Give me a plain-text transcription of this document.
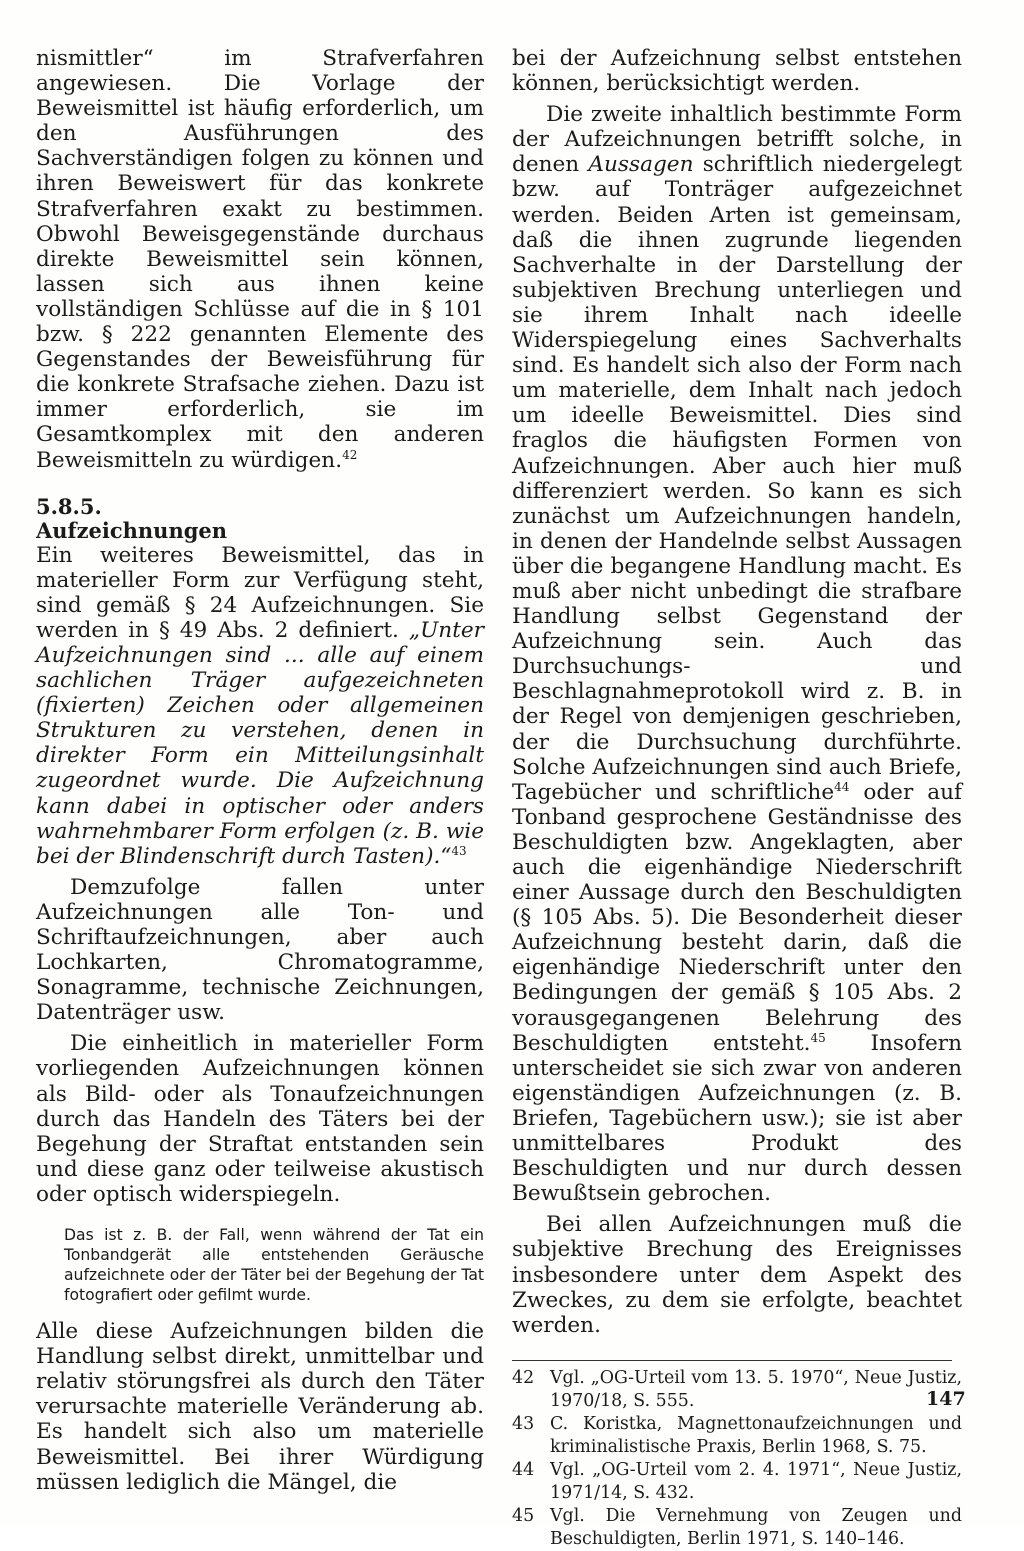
nismittler“ im Strafverfahren angewiesen. Die Vorlage der Beweismittel ist häufig erforderlich, um den Ausführungen des Sachverständigen folgen zu können und ihren Beweiswert für das konkrete Strafverfahren exakt zu bestimmen. Obwohl Beweisgegenstände durchaus direkte Beweismittel sein können, lassen sich aus ihnen keine vollständigen Schlüsse auf die in § 101 bzw. § 222 genannten Elemente des Gegenstandes der Beweisführung für die konkrete Strafsache ziehen. Dazu ist immer erforderlich, sie im Gesamtkomplex mit den anderen Beweismitteln zu würdigen.$^{42}$

5.8.5.
Aufzeichnungen

Ein weiteres Beweismittel, das in materieller Form zur Verfügung steht, sind gemäß § 24 Aufzeichnungen. Sie werden in § 49 Abs. 2 definiert. „Unter Aufzeichnungen sind ... alle auf einem sachlichen Träger aufgezeichneten (fixierten) Zeichen oder allgemeinen Strukturen zu verstehen, denen in direkter Form ein Mitteilungsinhalt zugeordnet wurde. Die Aufzeichnung kann dabei in optischer oder anders wahrnehmbarer Form erfolgen (z. B. wie bei der Blindenschrift durch Tasten).“$^{43}$

Demzufolge fallen unter Aufzeichnungen alle Ton- und Schriftaufzeichnungen, aber auch Lochkarten, Chromatogramme, Sonagramme, technische Zeichnungen, Datenträger usw.

Die einheitlich in materieller Form vorliegenden Aufzeichnungen können als Bild- oder als Tonaufzeichnungen durch das Handeln des Täters bei der Begehung der Straftat entstanden sein und diese ganz oder teilweise akustisch oder optisch widerspiegeln.

Das ist z. B. der Fall, wenn während der Tat ein Tonbandgerät alle entstehenden Geräusche aufzeichnete oder der Täter bei der Begehung der Tat fotografiert oder gefilmt wurde.

Alle diese Aufzeichnungen bilden die Handlung selbst direkt, unmittelbar und relativ störungsfrei als durch den Täter verursachte materielle Veränderung ab. Es handelt sich also um materielle Beweismittel. Bei ihrer Würdigung müssen lediglich die Mängel, die

bei der Aufzeichnung selbst entstehen können, berücksichtigt werden.

Die zweite inhaltlich bestimmte Form der Aufzeichnungen betrifft solche, in denen Aussagen schriftlich niedergelegt bzw. auf Tonträger aufgezeichnet werden. Beiden Arten ist gemeinsam, daß die ihnen zugrunde liegenden Sachverhalte in der Darstellung der subjektiven Brechung unterliegen und sie ihrem Inhalt nach ideelle Widerspiegelung eines Sachverhalts sind. Es handelt sich also der Form nach um materielle, dem Inhalt nach jedoch um ideelle Beweismittel. Dies sind fraglos die häufigsten Formen von Aufzeichnungen. Aber auch hier muß differenziert werden. So kann es sich zunächst um Aufzeichnungen handeln, in denen der Handelnde selbst Aussagen über die begangene Handlung macht. Es muß aber nicht unbedingt die strafbare Handlung selbst Gegenstand der Aufzeichnung sein. Auch das Durchsuchungs- und Beschlagnahmeprotokoll wird z. B. in der Regel von demjenigen geschrieben, der die Durchsuchung durchführte. Solche Aufzeichnungen sind auch Briefe, Tagebücher und schriftliche$^{44}$ oder auf Tonband gesprochene Geständnisse des Beschuldigten bzw. Angeklagten, aber auch die eigenhändige Niederschrift einer Aussage durch den Beschuldigten (§ 105 Abs. 5). Die Besonderheit dieser Aufzeichnung besteht darin, daß die eigenhändige Niederschrift unter den Bedingungen der gemäß § 105 Abs. 2 vorausgegangenen Belehrung des Beschuldigten entsteht.$^{45}$ Insofern unterscheidet sie sich zwar von anderen eigenständigen Aufzeichnungen (z. B. Briefen, Tagebüchern usw.); sie ist aber unmittelbares Produkt des Beschuldigten und nur durch dessen Bewußtsein gebrochen.

Bei allen Aufzeichnungen muß die subjektive Brechung des Ereignisses insbesondere unter dem Aspekt des Zweckes, zu dem sie erfolgte, beachtet werden.

42 Vgl. „OG-Urteil vom 13. 5. 1970“, Neue Justiz, 1970/18, S. 555.
43 C. Koristka, Magnettonaufzeichnungen und kriminalistische Praxis, Berlin 1968, S. 75.
44 Vgl. „OG-Urteil vom 2. 4. 1971“, Neue Justiz, 1971/14, S. 432.
45 Vgl. Die Vernehmung von Zeugen und Beschuldigten, Berlin 1971, S. 140–146.
147
